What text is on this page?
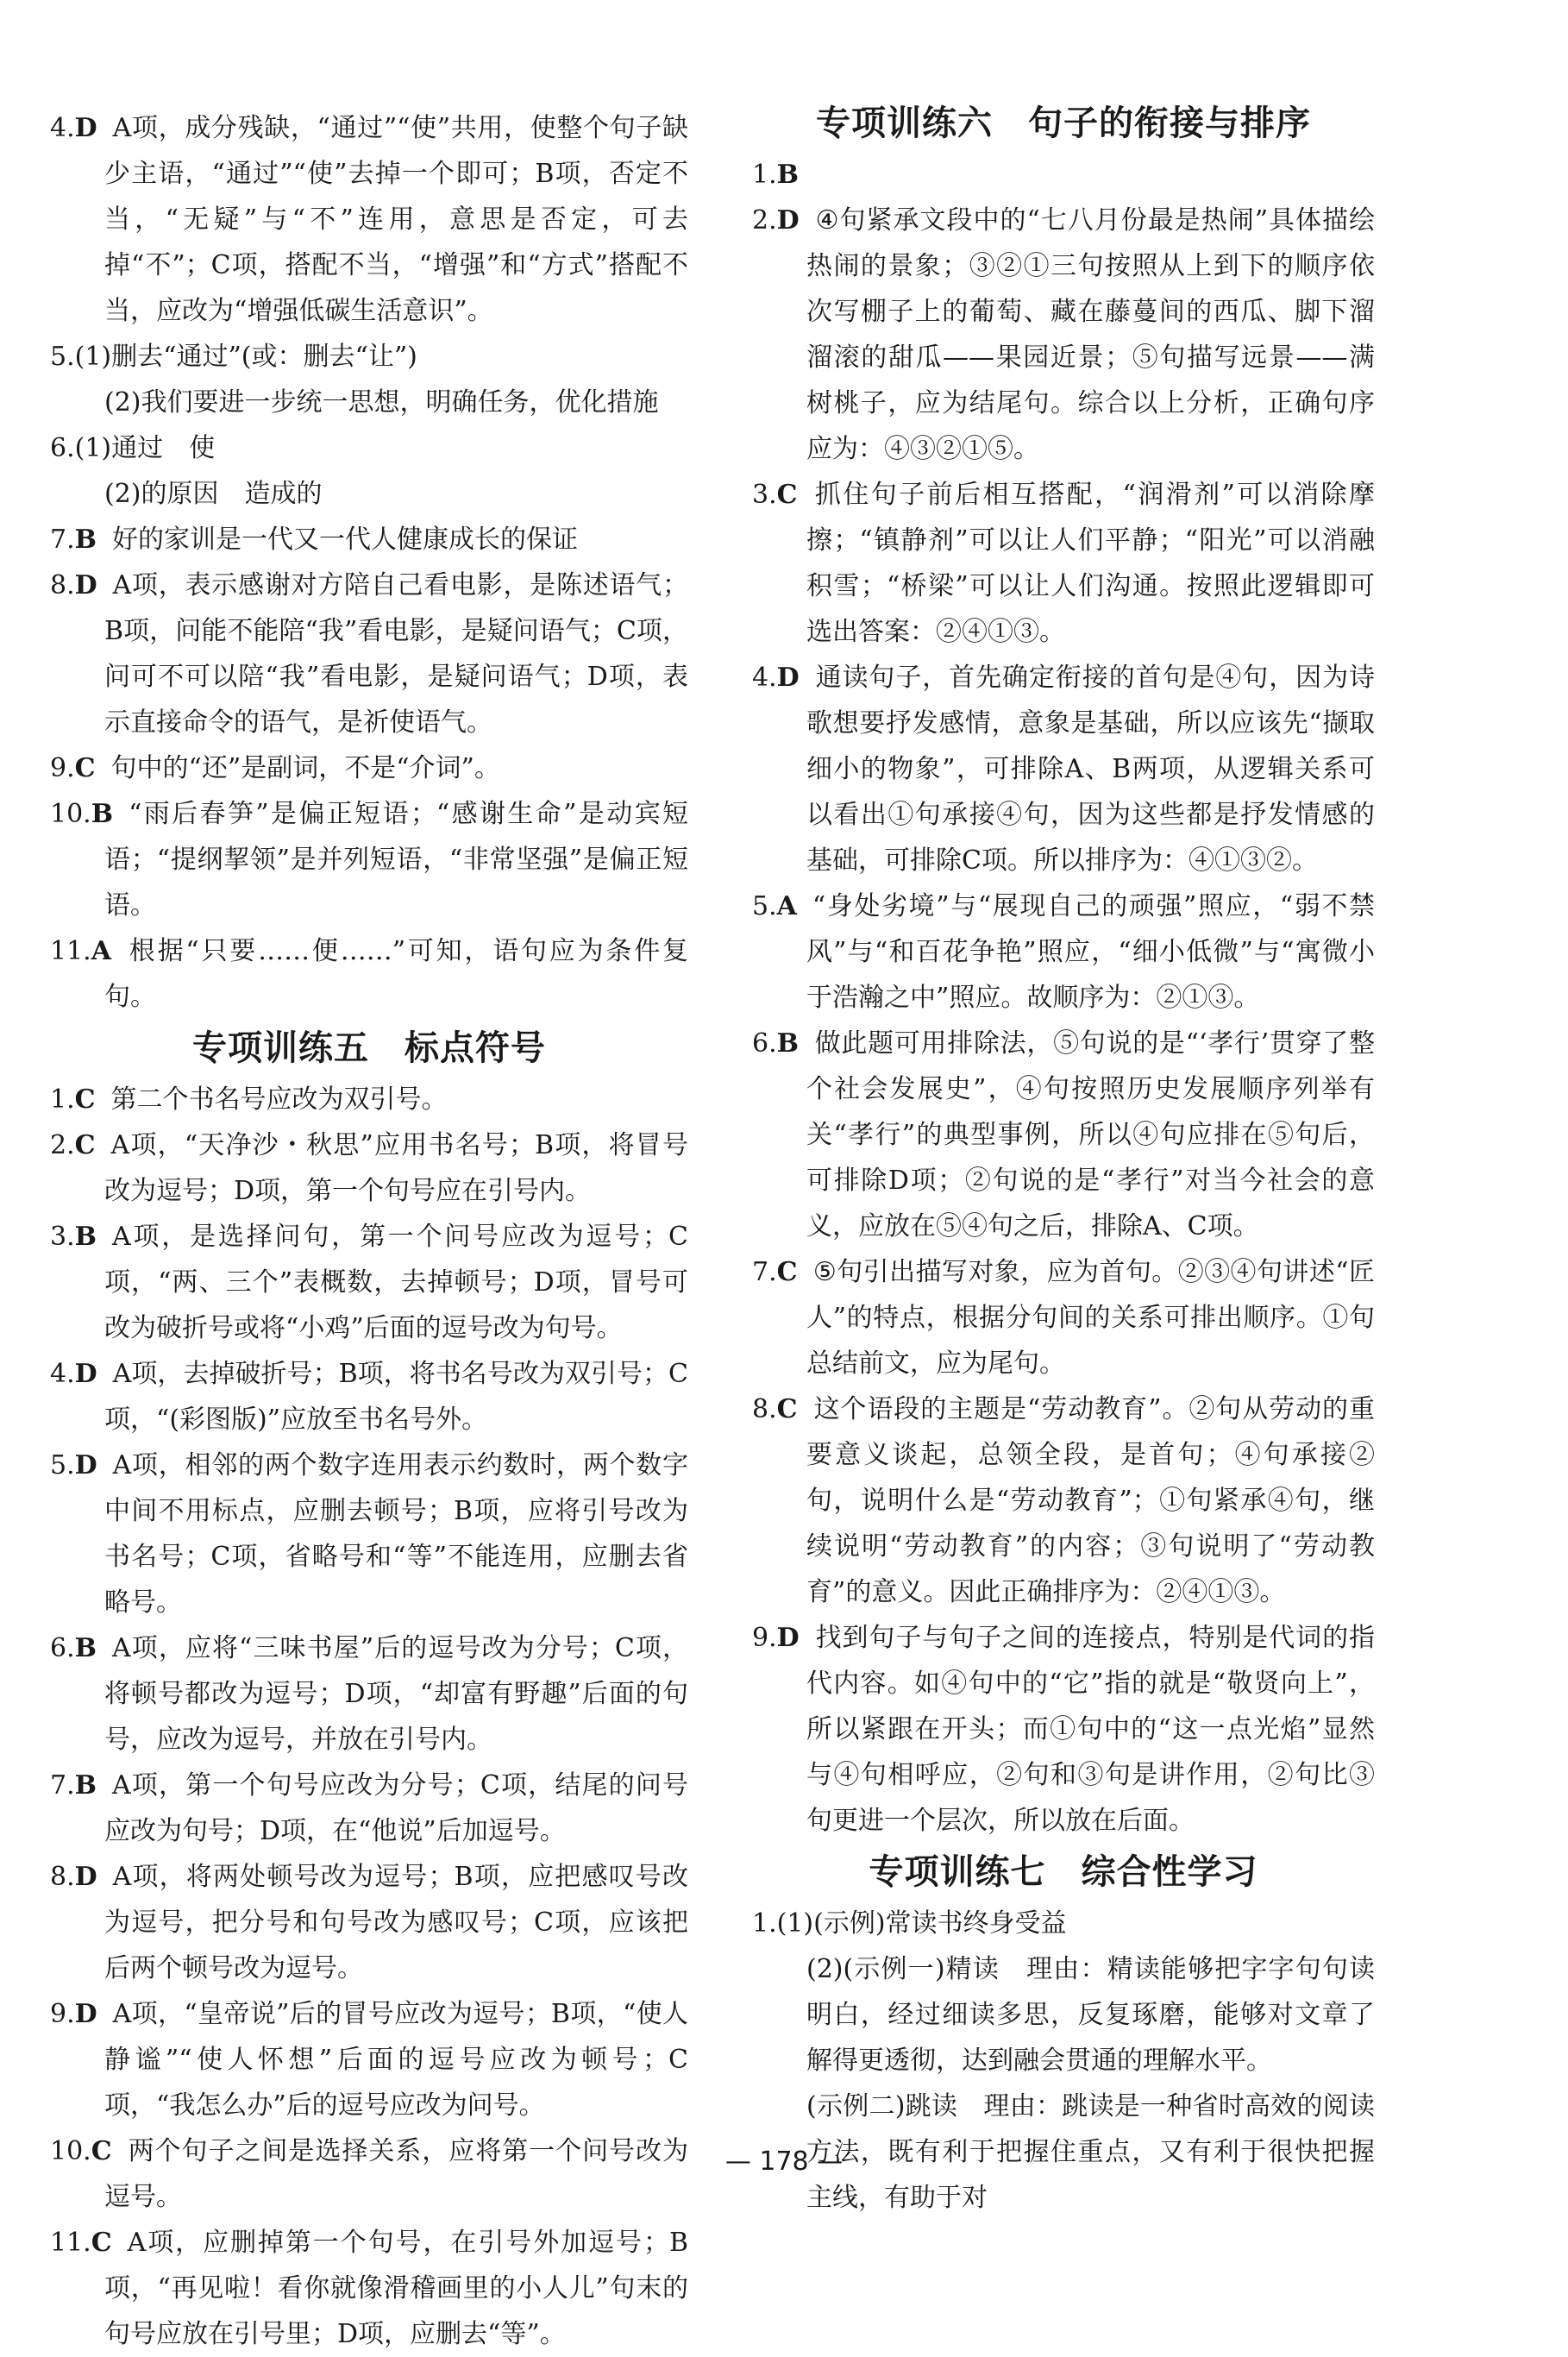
4.D A项，成分残缺，“通过”“使”共用，使整个句子缺少主语，“通过”“使”去掉一个即可；B项，否定不当，“无疑”与“不”连用，意思是否定，可去掉“不”；C项，搭配不当，“增强”和“方式”搭配不当，应改为“增强低碳生活意识”。

5.(1)删去“通过”(或：删去“让”)

(2)我们要进一步统一思想，明确任务，优化措施

6.(1)通过　使

(2)的原因　造成的

7.B 好的家训是一代又一代人健康成长的保证

8.D A项，表示感谢对方陪自己看电影，是陈述语气；B项，问能不能陪“我”看电影，是疑问语气；C项，问可不可以陪“我”看电影，是疑问语气；D项，表示直接命令的语气，是祈使语气。

9.C 句中的“还”是副词，不是“介词”。

10.B “雨后春笋”是偏正短语；“感谢生命”是动宾短语；“提纲挈领”是并列短语，“非常坚强”是偏正短语。

11.A 根据“只要……便……”可知，语句应为条件复句。

专项训练五　标点符号

1.C 第二个书名号应改为双引号。

2.C A项，“天净沙・秋思”应用书名号；B项，将冒号改为逗号；D项，第一个句号应在引号内。

3.B A项，是选择问句，第一个问号应改为逗号；C项，“两、三个”表概数，去掉顿号；D项，冒号可改为破折号或将“小鸡”后面的逗号改为句号。

4.D A项，去掉破折号；B项，将书名号改为双引号；C项，“(彩图版)”应放至书名号外。

5.D A项，相邻的两个数字连用表示约数时，两个数字中间不用标点，应删去顿号；B项，应将引号改为书名号；C项，省略号和“等”不能连用，应删去省略号。

6.B A项，应将“三味书屋”后的逗号改为分号；C项，将顿号都改为逗号；D项，“却富有野趣”后面的句号，应改为逗号，并放在引号内。

7.B A项，第一个句号应改为分号；C项，结尾的问号应改为句号；D项，在“他说”后加逗号。

8.D A项，将两处顿号改为逗号；B项，应把感叹号改为逗号，把分号和句号改为感叹号；C项，应该把后两个顿号改为逗号。

9.D A项，“皇帝说”后的冒号应改为逗号；B项，“使人静谧”“使人怀想”后面的逗号应改为顿号；C项，“我怎么办”后的逗号应改为问号。

10.C 两个句子之间是选择关系，应将第一个问号改为逗号。

11.C A项，应删掉第一个句号，在引号外加逗号；B项，“再见啦！看你就像滑稽画里的小人儿”句末的句号应放在引号里；D项，应删去“等”。

专项训练六　句子的衔接与排序

1.B

2.D ④句紧承文段中的“七八月份最是热闹”具体描绘热闹的景象；③②①三句按照从上到下的顺序依次写棚子上的葡萄、藏在藤蔓间的西瓜、脚下溜溜滚的甜瓜——果园近景；⑤句描写远景——满树桃子，应为结尾句。综合以上分析，正确句序应为：④③②①⑤。

3.C 抓住句子前后相互搭配，“润滑剂”可以消除摩擦；“镇静剂”可以让人们平静；“阳光”可以消融积雪；“桥梁”可以让人们沟通。按照此逻辑即可选出答案：②④①③。

4.D 通读句子，首先确定衔接的首句是④句，因为诗歌想要抒发感情，意象是基础，所以应该先“撷取细小的物象”，可排除A、B两项，从逻辑关系可以看出①句承接④句，因为这些都是抒发情感的基础，可排除C项。所以排序为：④①③②。

5.A “身处劣境”与“展现自己的顽强”照应，“弱不禁风”与“和百花争艳”照应，“细小低微”与“寓微小于浩瀚之中”照应。故顺序为：②①③。

6.B 做此题可用排除法，⑤句说的是“‘孝行’贯穿了整个社会发展史”，④句按照历史发展顺序列举有关“孝行”的典型事例，所以④句应排在⑤句后，可排除D项；②句说的是“孝行”对当今社会的意义，应放在⑤④句之后，排除A、C项。

7.C ⑤句引出描写对象，应为首句。②③④句讲述“匠人”的特点，根据分句间的关系可排出顺序。①句总结前文，应为尾句。

8.C 这个语段的主题是“劳动教育”。②句从劳动的重要意义谈起，总领全段，是首句；④句承接②句，说明什么是“劳动教育”；①句紧承④句，继续说明“劳动教育”的内容；③句说明了“劳动教育”的意义。因此正确排序为：②④①③。

9.D 找到句子与句子之间的连接点，特别是代词的指代内容。如④句中的“它”指的就是“敬贤向上”，所以紧跟在开头；而①句中的“这一点光焰”显然与④句相呼应，②句和③句是讲作用，②句比③句更进一个层次，所以放在后面。

专项训练七　综合性学习

1.(1)(示例)常读书终身受益

(2)(示例一)精读　理由：精读能够把字字句句读明白，经过细读多思，反复琢磨，能够对文章了解得更透彻，达到融会贯通的理解水平。

(示例二)跳读　理由：跳读是一种省时高效的阅读方法，既有利于把握住重点，又有利于很快把握主线，有助于对

— 178 —
